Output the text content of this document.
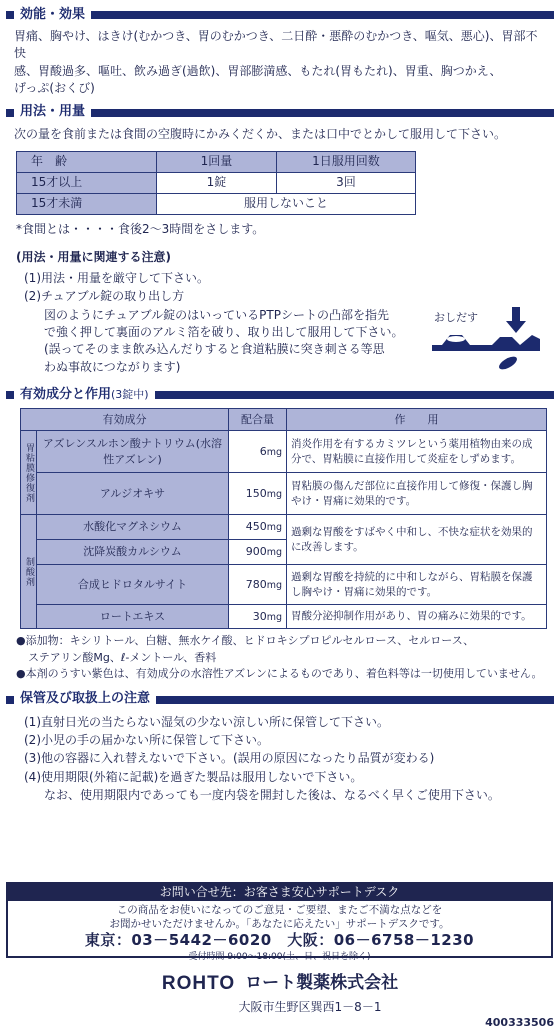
効能・効果
胃痛、胸やけ、はきけ(むかつき、胃のむかつき、二日酔・悪酔のむかつき、嘔気、悪心)、胃部不快
感、胃酸過多、嘔吐、飲み過ぎ(過飲)、胃部膨満感、もたれ(胃もたれ)、胃重、胸つかえ、
げっぷ(おくび)
用法・用量
次の量を食前または食間の空腹時にかみくだくか、または口中でとかして服用して下さい。
年　齢	1回量	1日服用回数
15才以上	1錠	3回
15才未満	服用しないこと	
*食間とは・・・・食後2～3時間をさします。
(用法・用量に関連する注意)
(1)用法・用量を厳守して下さい。
(2)チュアブル錠の取り出し方
図のようにチュアブル錠のはいっているPTPシートの凸部を指先
で強く押して裏面のアルミ箔を破り、取り出して服用して下さい。
(誤ってそのまま飲み込んだりすると食道粘膜に突き刺さる等思
わぬ事故につながります)
おしだす
有効成分と作用(3錠中)
有効成分		配合量	作　　用
胃粘膜修復剤	アズレンスルホン酸ナトリウム(水溶性アズレン)	6mg	消炎作用を有するカミツレという薬用植物由来の成分で、胃粘膜に直接作用して炎症をしずめます。
	アルジオキサ	150mg	胃粘膜の傷んだ部位に直接作用して修復・保護し胸やけ・胃痛に効果的です。
制酸剤	水酸化マグネシウム	450mg	過剰な胃酸をすばやく中和し、不快な症状を効果的に改善します。
	沈降炭酸カルシウム	900mg	
	合成ヒドロタルサイト	780mg	過剰な胃酸を持続的に中和しながら、胃粘膜を保護し胸やけ・胃痛に効果的です。
	ロートエキス	30mg	胃酸分泌抑制作用があり、胃の痛みに効果的です。
●添加物：キシリトール、白糖、無水ケイ酸、ヒドロキシプロピルセルロース、セルロース、
ステアリン酸Mg、ℓ-メントール、香料
●本剤のうすい紫色は、有効成分の水溶性アズレンによるものであり、着色料等は一切使用していません。
保管及び取扱上の注意
(1)直射日光の当たらない湿気の少ない涼しい所に保管して下さい。
(2)小児の手の届かない所に保管して下さい。
(3)他の容器に入れ替えないで下さい。(誤用の原因になったり品質が変わる)
(4)使用期限(外箱に記載)を過ぎた製品は服用しないで下さい。
なお、使用期限内であっても一度内袋を開封した後は、なるべく早くご使用下さい。
お問い合せ先：お客さま安心サポートデスク
この商品をお使いになってのご意見・ご要望、またご不満な点などを
お聞かせいただけませんか。「あなたに応えたい」サポートデスクです。
東京：03－5442－6020　 大阪：06－6758－1230
受付時間 9:00～18:00(土、日、祝日を除く)
ROHTO ロート製薬株式会社
大阪市生野区巽西1－8－1
400333506
